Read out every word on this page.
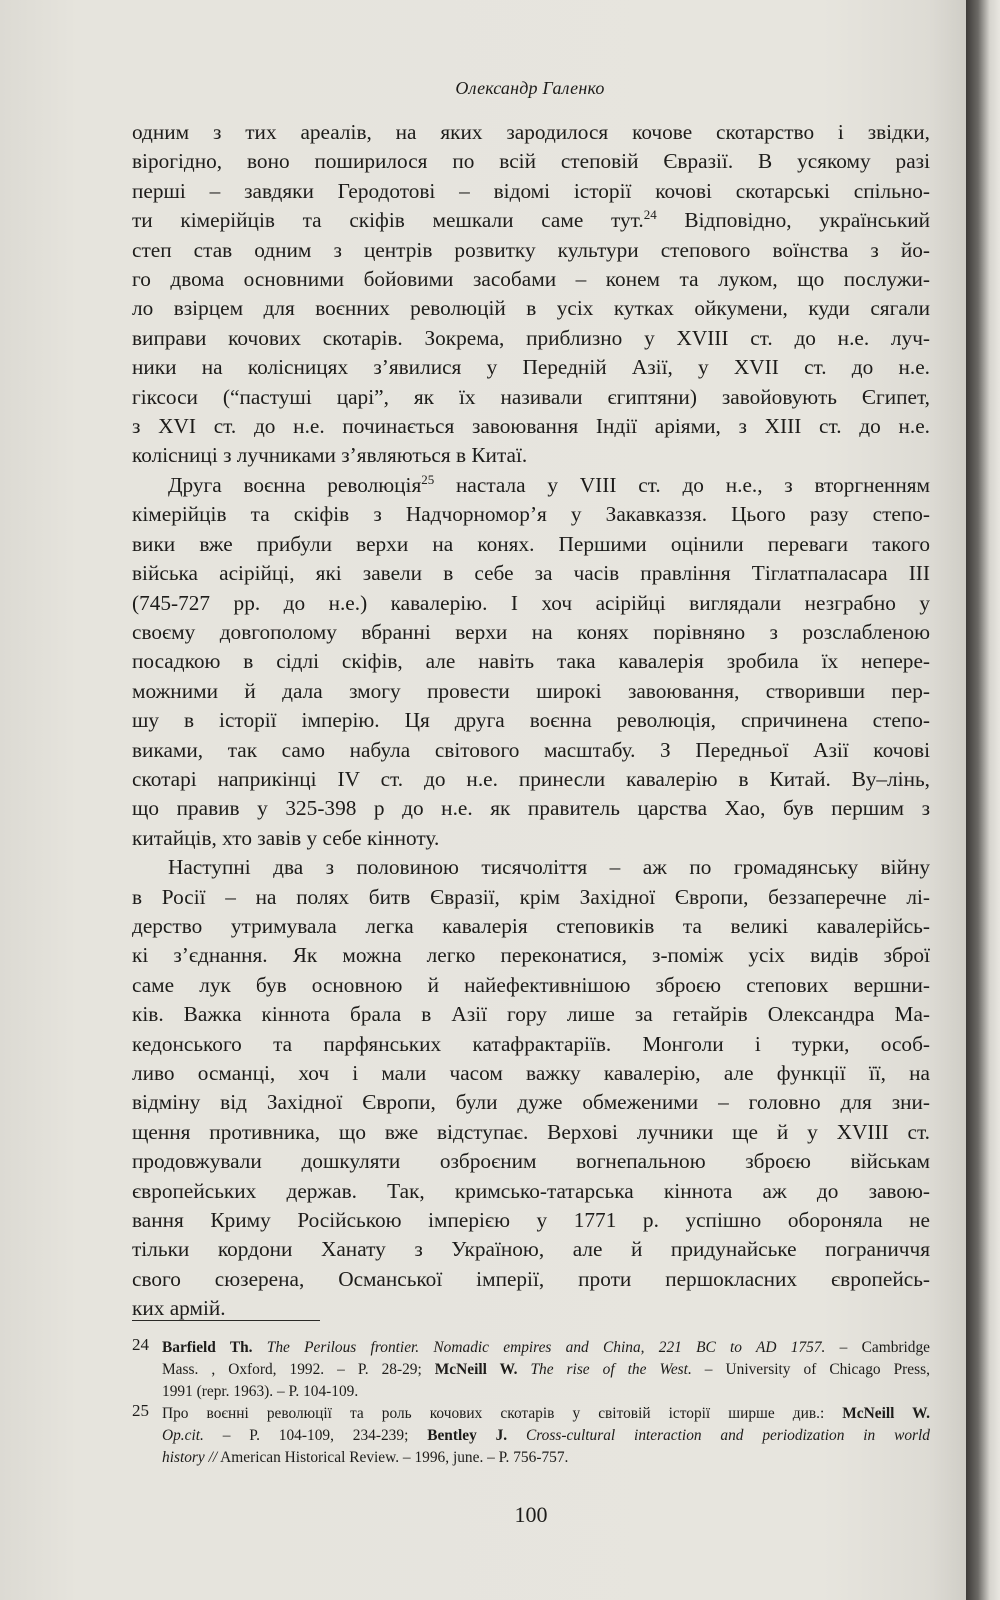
Олександр Галенко

одним з тих ареалів, на яких зародилося кочове скотарство і звідки,
вірогідно, воно поширилося по всій степовій Євразії. В усякому разі
перші – завдяки Геродотові – відомі історії кочові скотарські спільно-
ти кімерійців та скіфів мешкали саме тут.$^{24}$ Відповідно, український
степ став одним з центрів розвитку культури степового воїнства з йо-
го двома основними бойовими засобами – конем та луком, що послужи-
ло взірцем для воєнних революцій в усіх кутках ойкумени, куди сягали
виправи кочових скотарів. Зокрема, приблизно у XVIII ст. до н.е. луч-
ники на колісницях з’явилися у Передній Азії, у XVII ст. до н.е.
гіксоси (“пастуші царі”, як їх називали єгиптяни) завойовують Єгипет,
з XVI ст. до н.е. починається завоювання Індії аріями, з XIII ст. до н.е.
колісниці з лучниками з’являються в Китаї.

Друга воєнна революція$^{25}$ настала у VIII ст. до н.е., з вторгненням
кімерійців та скіфів з Надчорномор’я у Закавказзя. Цього разу степо-
вики вже прибули верхи на конях. Першими оцінили переваги такого
війська асірійці, які завели в себе за часів правління Тіглатпаласара III
(745-727 рр. до н.е.) кавалерію. І хоч асірійці виглядали незграбно у
своєму довгополому вбранні верхи на конях порівняно з розслабленою
посадкою в сідлі скіфів, але навіть така кавалерія зробила їх непере-
можними й дала змогу провести широкі завоювання, створивши пер-
шу в історії імперію. Ця друга воєнна революція, спричинена степо-
виками, так само набула світового масштабу. З Передньої Азії кочові
скотарі наприкінці IV ст. до н.е. принесли кавалерію в Китай. Ву–лінь,
що правив у 325-398 р до н.е. як правитель царства Хао, був першим з
китайців, хто завів у себе кінноту.

Наступні два з половиною тисячоліття – аж по громадянську війну
в Росії – на полях битв Євразії, крім Західної Європи, беззаперечне лі-
дерство утримувала легка кавалерія степовиків та великі кавалерійсь-
кі з’єднання. Як можна легко переконатися, з-поміж усіх видів зброї
саме лук був основною й найефективнішою зброєю степових вершни-
ків. Важка кіннота брала в Азії гору лише за гетайрів Олександра Ма-
кедонського та парфянських катафрактаріїв. Монголи і турки, особ-
ливо османці, хоч і мали часом важку кавалерію, але функції її, на
відміну від Західної Європи, були дуже обмеженими – головно для зни-
щення противника, що вже відступає. Верхові лучники ще й у XVIII ст.
продовжували дошкуляти озброєним вогнепальною зброєю військам
європейських держав. Так, кримсько-татарська кіннота аж до завою-
вання Криму Російською імперією у 1771 р. успішно обороняла не
тільки кордони Ханату з Україною, але й придунайське пограниччя
свого сюзерена, Османської імперії, проти першокласних європейсь-
ких армій.

24 Barfield Th. The Perilous frontier. Nomadic empires and China, 221 BC to AD 1757. – Cambridge
Mass. , Oxford, 1992. – P. 28-29; McNeill W. The rise of the West. – University of Chicago Press,
1991 (repr. 1963). – P. 104-109.
25 Про воєнні революції та роль кочових скотарів у світовій історії ширше див.: McNeill W.
Op.cit. – P. 104-109, 234-239; Bentley J. Cross-cultural interaction and periodization in world
history // American Historical Review. – 1996, june. – P. 756-757.
100
